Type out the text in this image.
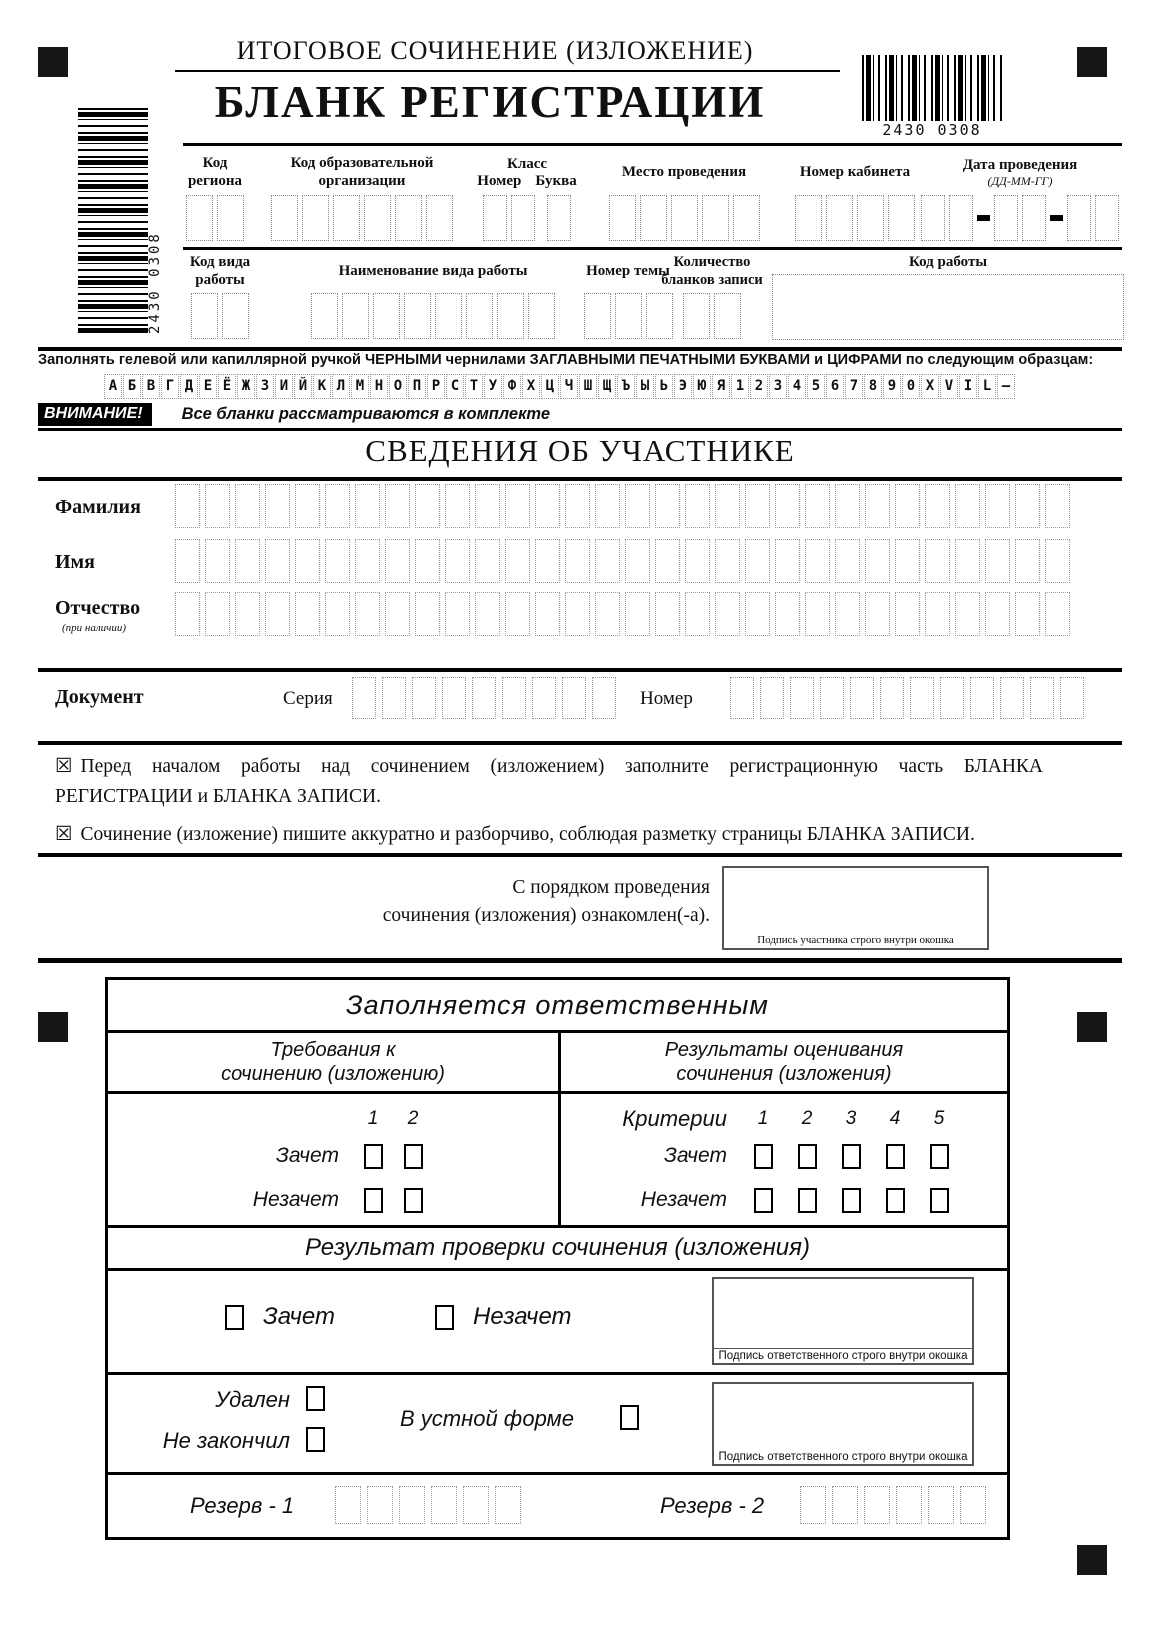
2430 0308
2430 0308
ИТОГОВОЕ СОЧИНЕНИЕ (ИЗЛОЖЕНИЕ)
БЛАНК РЕГИСТРАЦИИ
Код
региона
Код образовательной
организации
Класс
Номер Буква
Место проведения	Номер кабинета	Дата проведения
(ДД-ММ-ГГ)
Код вида
работы
Наименование вида работы	Номер темы
Количество
бланков записи
Код работы
Заполнять гелевой или капиллярной ручкой ЧЕРНЫМИ чернилами ЗАГЛАВНЫМИ ПЕЧАТНЫМИ БУКВАМИ и ЦИФРАМИ по следующим образцам:
А Б В Г Д Е Ё Ж З И Й К Л М Н О П Р С Т У Ф Х Ц Ч Ш Щ Ъ Ы Ь Э Ю Я 1 2 3 4 5 6 7 8 9 0 X V I L –
ВНИМАНИЕ!	Все бланки рассматриваются в комплекте
СВЕДЕНИЯ ОБ УЧАСТНИКЕ
Фамилия
Имя
Отчество
(при наличии)
Документ	Серия	Номер

☒ Перед началом работы над сочинением (изложением) заполните регистрационную часть БЛАНКА РЕГИСТРАЦИИ и БЛАНКА ЗАПИСИ.

☒ Сочинение (изложение) пишите аккуратно и разборчиво, соблюдая разметку страницы БЛАНКА ЗАПИСИ.

С порядком проведения
сочинения (изложения) ознакомлен(-а).
Подпись участника строго внутри окошка
Заполняется ответственным
Требования к
сочинению (изложению)
Результаты оценивания
сочинения (изложения)
1 2
Зачет
Незачет
Критерии	1 2 3 4 5
Зачет
Незачет
Результат проверки сочинения (изложения)
Зачет	Незачет
Подпись ответственного строго внутри окошка
Удален
Не закончил
В устной форме
Подпись ответственного строго внутри окошка
Резерв - 1	Резерв - 2
